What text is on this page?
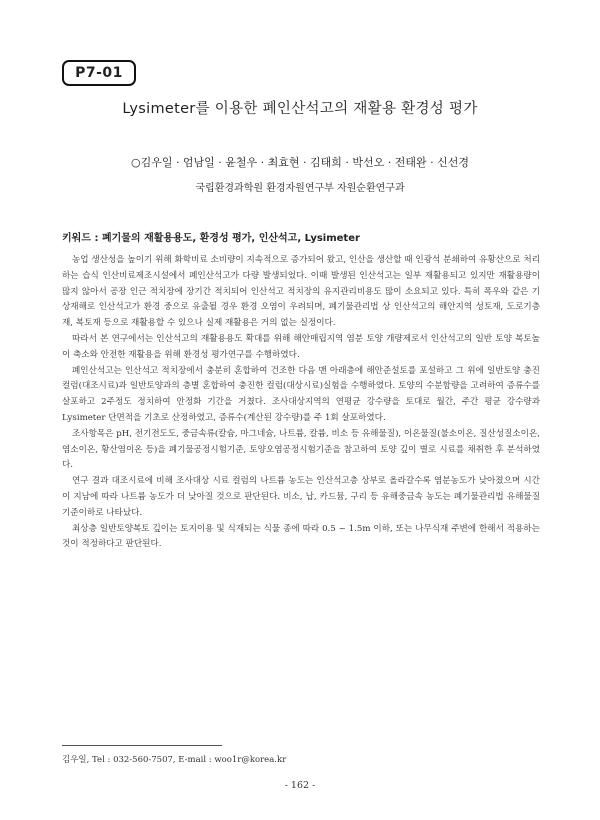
P7-01
Lysimeter를 이용한 폐인산석고의 재활용 환경성 평가
○김우일 · 엄남일 · 윤철우 · 최효현 · 김태희 · 박선오 · 전태완 · 신선경
국립환경과학원 환경자원연구부 자원순환연구과
키워드 : 폐기물의 재활용용도, 환경성 평가, 인산석고, Lysimeter

농업 생산성을 높이기 위해 화학비료 소비량이 지속적으로 증가되어 왔고, 인산을 생산할 때 인광석 분쇄하여 유황산으로 처리하는 습식 인산비료제조시설에서 폐인산석고가 다량 발생되었다. 이때 발생된 인산석고는 일부 재활용되고 있지만 재활용량이 많지 않아서 공장 인근 적치장에 장기간 적치되어 인산석고 적치장의 유지관리비용도 많이 소요되고 있다. 특히 폭우와 같은 기상재해로 인산석고가 환경 중으로 유출될 경우 환경 오염이 우려되며, 폐기물관리법 상 인산석고의 해안지역 성토재, 도로기층재, 복토재 등으로 재활용할 수 있으나 실제 재활용은 거의 없는 실정이다.

따라서 본 연구에서는 인산석고의 재활용용도 확대를 위해 해안매립지역 염분 토양 개량제로서 인산석고의 일반 토양 복토높이 축소와 안전한 재활용을 위해 환경성 평가연구를 수행하였다.

폐인산석고는 인산석고 적치장에서 충분히 혼합하여 건조한 다음 맨 아래층에 해안준설토를 포설하고 그 위에 일반토양 충진컬럼(대조시료)과 일반토양과의 층별 혼합하여 충진한 컬럼(대상시료)실험을 수행하였다. 토양의 수분함량을 고려하여 증류수를 살포하고 2주정도 정치하여 안정화 기간을 거쳤다. 조사대상지역의 연평균 강수량을 토대로 월간, 주간 평균 강수량과 Lysimeter 단면적을 기초로 산정하였고, 증류수(계산된 강수량)를 주 1회 살포하였다.

조사항목은 pH, 전기전도도, 중금속류(칼슘, 마그네슘, 나트륨, 칼륨, 비소 등 유해물질), 이온물질(불소이온, 질산성질소이온, 염소이온, 황산염이온 등)을 폐기물공정시험기준, 토양오염공정시험기준을 참고하여 토양 깊이 별로 시료를 채취한 후 분석하였다.

연구 결과 대조시료에 비해 조사대상 시료 컬럼의 나트륨 농도는 인산석고층 상부로 올라갈수록 염분농도가 낮아졌으며 시간이 지남에 따라 나트륨 농도가 더 낮아질 것으로 판단된다. 비소, 납, 카드뮴, 구리 등 유해중금속 농도는 폐기물관리법 유해물질 기준이하로 나타났다.

최상층 일반토양복토 깊이는 토지이용 및 식재되는 식물 종에 따라 0.5 ~ 1.5m 이하, 또는 나무식재 주변에 한해서 적용하는 것이 적정하다고 판단된다.

김우일, Tel : 032-560-7507, E-mail : woo1r@korea.kr
- 162 -
